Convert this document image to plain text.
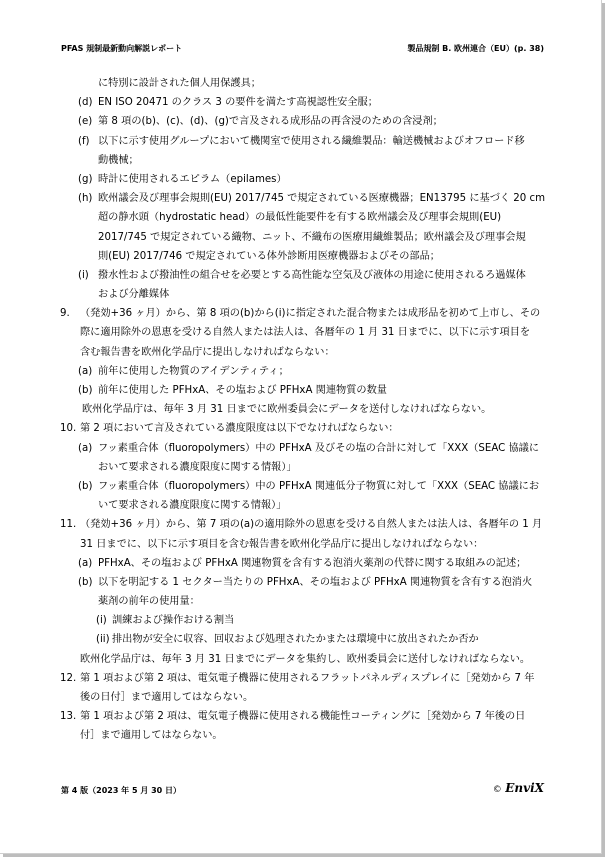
PFAS 規制最新動向解説レポート	製品規制 B. 欧州連合（EU）(p. 38)
に特別に設計された個人用保護具；
(d) EN ISO 20471 のクラス 3 の要件を満たす高視認性安全服；
(e) 第 8 項の(b)、(c)、(d)、(g)で言及される成形品の再含浸のための含浸剤；
(f) 以下に示す使用グループにおいて機関室で使用される繊維製品：輸送機械およびオフロード移
動機械；
(g) 時計に使用されるエピラム（epilames）
(h) 欧州議会及び理事会規則(EU) 2017/745 で規定されている医療機器；EN13795 に基づく 20 cm
超の静水頭（hydrostatic head）の最低性能要件を有する欧州議会及び理事会規則(EU)
2017/745 で規定されている織物、ニット、不織布の医療用繊維製品；欧州議会及び理事会規
則(EU) 2017/746 で規定されている体外診断用医療機器およびその部品；
(i) 撥水性および撥油性の組合せを必要とする高性能な空気及び液体の用途に使用されるろ過媒体
および分離媒体
9. （発効+36 ヶ月）から、第 8 項の(b)から(i)に指定された混合物または成形品を初めて上市し、その
際に適用除外の恩恵を受ける自然人または法人は、各暦年の 1 月 31 日までに、以下に示す項目を
含む報告書を欧州化学品庁に提出しなければならない：
(a) 前年に使用した物質のアイデンティティ；
(b) 前年に使用した PFHxA、その塩および PFHxA 関連物質の数量
欧州化学品庁は、毎年 3 月 31 日までに欧州委員会にデータを送付しなければならない。
10. 第 2 項において言及されている濃度限度は以下でなければならない：
(a) フッ素重合体（fluoropolymers）中の PFHxA 及びその塩の合計に対して「XXX（SEAC 協議に
おいて要求される濃度限度に関する情報）」
(b) フッ素重合体（fluoropolymers）中の PFHxA 関連低分子物質に対して「XXX（SEAC 協議にお
いて要求される濃度限度に関する情報）」
11. （発効+36 ヶ月）から、第 7 項の(a)の適用除外の恩恵を受ける自然人または法人は、各暦年の 1 月
31 日までに、以下に示す項目を含む報告書を欧州化学品庁に提出しなければならない：
(a) PFHxA、その塩および PFHxA 関連物質を含有する泡消火薬剤の代替に関する取組みの記述；
(b) 以下を明記する 1 セクター当たりの PFHxA、その塩および PFHxA 関連物質を含有する泡消火
薬剤の前年の使用量：
(i) 訓練および操作おける割当
(ii) 排出物が安全に収容、回収および処理されたかまたは環境中に放出されたか否か
欧州化学品庁は、毎年 3 月 31 日までにデータを集約し、欧州委員会に送付しなければならない。
12. 第 1 項および第 2 項は、電気電子機器に使用されるフラットパネルディスプレイに［発効から 7 年
後の日付］まで適用してはならない。
13. 第 1 項および第 2 項は、電気電子機器に使用される機能性コーティングに［発効から 7 年後の日
付］まで適用してはならない。
第 4 版（2023 年 5 月 30 日）	© EnviX
